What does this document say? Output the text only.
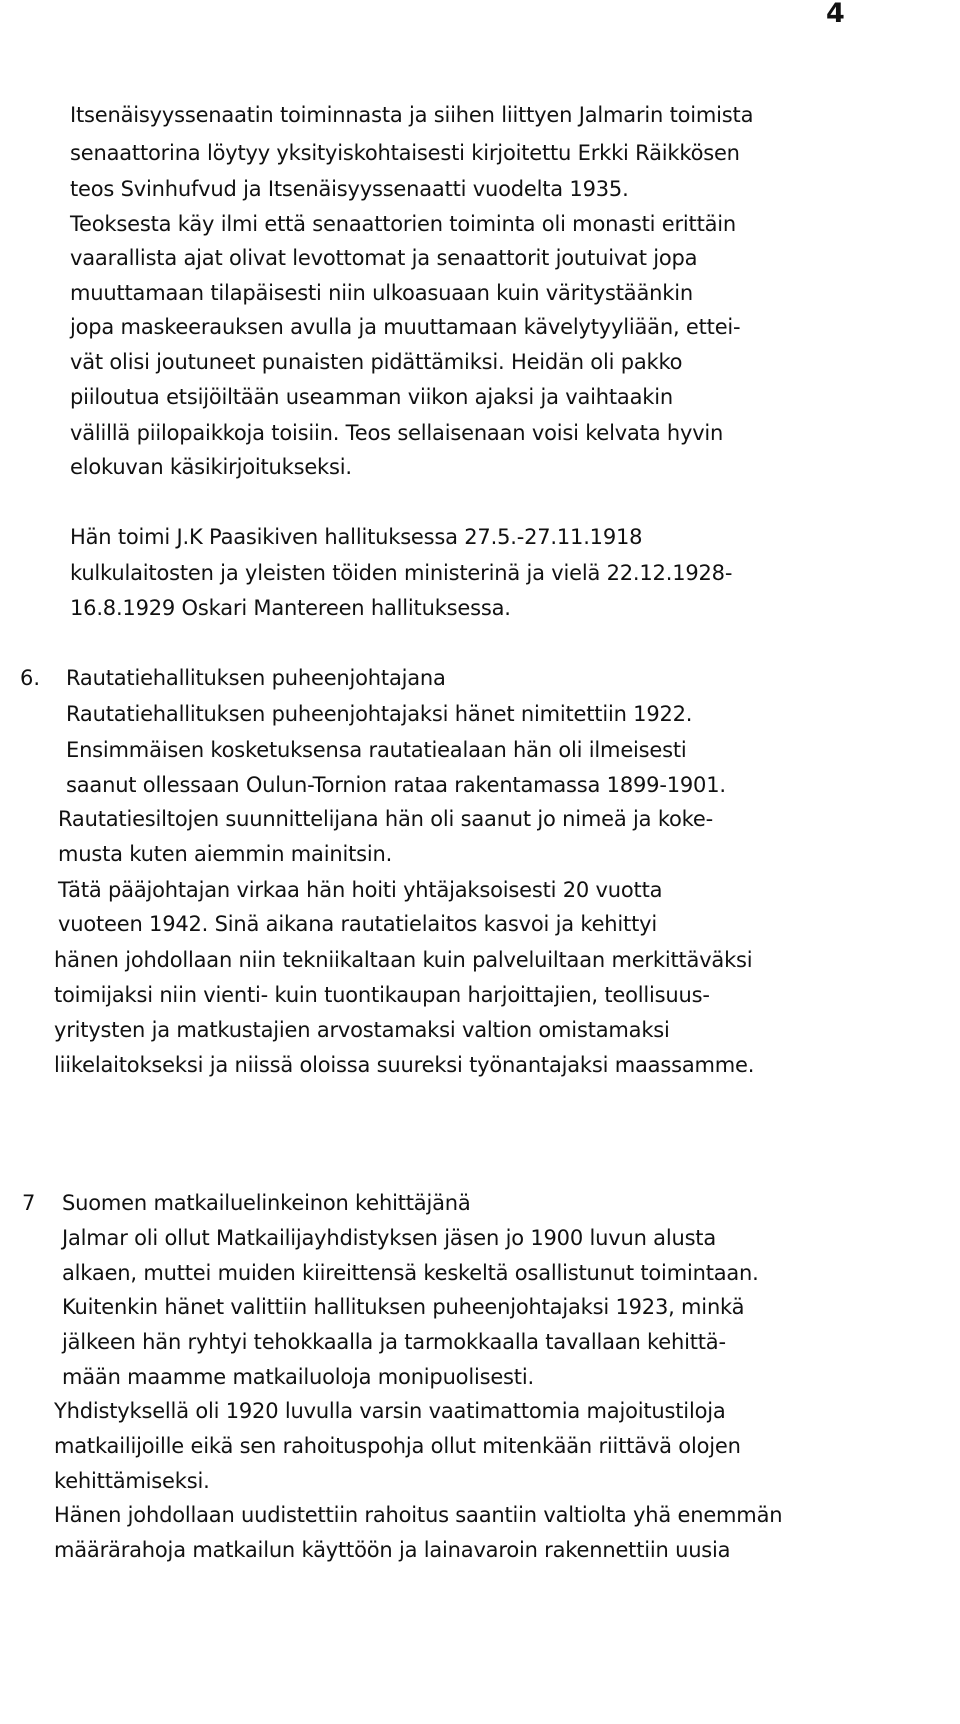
4
Itsenäisyyssenaatin toiminnasta ja siihen liittyen Jalmarin toimista
senaattorina löytyy yksityiskohtaisesti kirjoitettu Erkki Räikkösen
teos Svinhufvud ja Itsenäisyyssenaatti vuodelta 1935.
Teoksesta käy ilmi että senaattorien toiminta oli monasti erittäin
vaarallista ajat olivat levottomat ja senaattorit joutuivat jopa
muuttamaan tilapäisesti niin ulkoasuaan kuin väritystäänkin
jopa maskeerauksen avulla ja muuttamaan kävelytyyliään, ettei-
vät olisi joutuneet punaisten pidättämiksi. Heidän oli pakko
piiloutua etsijöiltään useamman viikon ajaksi ja vaihtaakin
välillä piilopaikkoja toisiin. Teos sellaisenaan voisi kelvata hyvin
elokuvan käsikirjoitukseksi.
Hän toimi J.K Paasikiven hallituksessa 27.5.-27.11.1918
kulkulaitosten ja yleisten töiden ministerinä ja vielä 22.12.1928-
16.8.1929 Oskari Mantereen hallituksessa.
6. Rautatiehallituksen puheenjohtajana
Rautatiehallituksen puheenjohtajaksi hänet nimitettiin 1922.
Ensimmäisen kosketuksensa rautatiealaan hän oli ilmeisesti
saanut ollessaan Oulun-Tornion rataa rakentamassa 1899-1901.
Rautatiesiltojen suunnittelijana hän oli saanut jo nimeä ja koke-
musta kuten aiemmin mainitsin.
Tätä pääjohtajan virkaa hän hoiti yhtäjaksoisesti 20 vuotta
vuoteen 1942. Sinä aikana rautatielaitos kasvoi ja kehittyi
hänen johdollaan niin tekniikaltaan kuin palveluiltaan merkittäväksi
toimijaksi niin vienti- kuin tuontikaupan harjoittajien, teollisuus-
yritysten ja matkustajien arvostamaksi valtion omistamaksi
liikelaitokseksi ja niissä oloissa suureksi työnantajaksi maassamme.
7 Suomen matkailuelinkeinon kehittäjänä
Jalmar oli ollut Matkailijayhdistyksen jäsen jo 1900 luvun alusta
alkaen, muttei muiden kiireittensä keskeltä osallistunut toimintaan.
Kuitenkin hänet valittiin hallituksen puheenjohtajaksi 1923, minkä
jälkeen hän ryhtyi tehokkaalla ja tarmokkaalla tavallaan kehittä-
mään maamme matkailuoloja monipuolisesti.
Yhdistyksellä oli 1920 luvulla varsin vaatimattomia majoitustiloja
matkailijoille eikä sen rahoituspohja ollut mitenkään riittävä olojen
kehittämiseksi.
Hänen johdollaan uudistettiin rahoitus saantiin valtiolta yhä enemmän
määrärahoja matkailun käyttöön ja lainavaroin rakennettiin uusia
